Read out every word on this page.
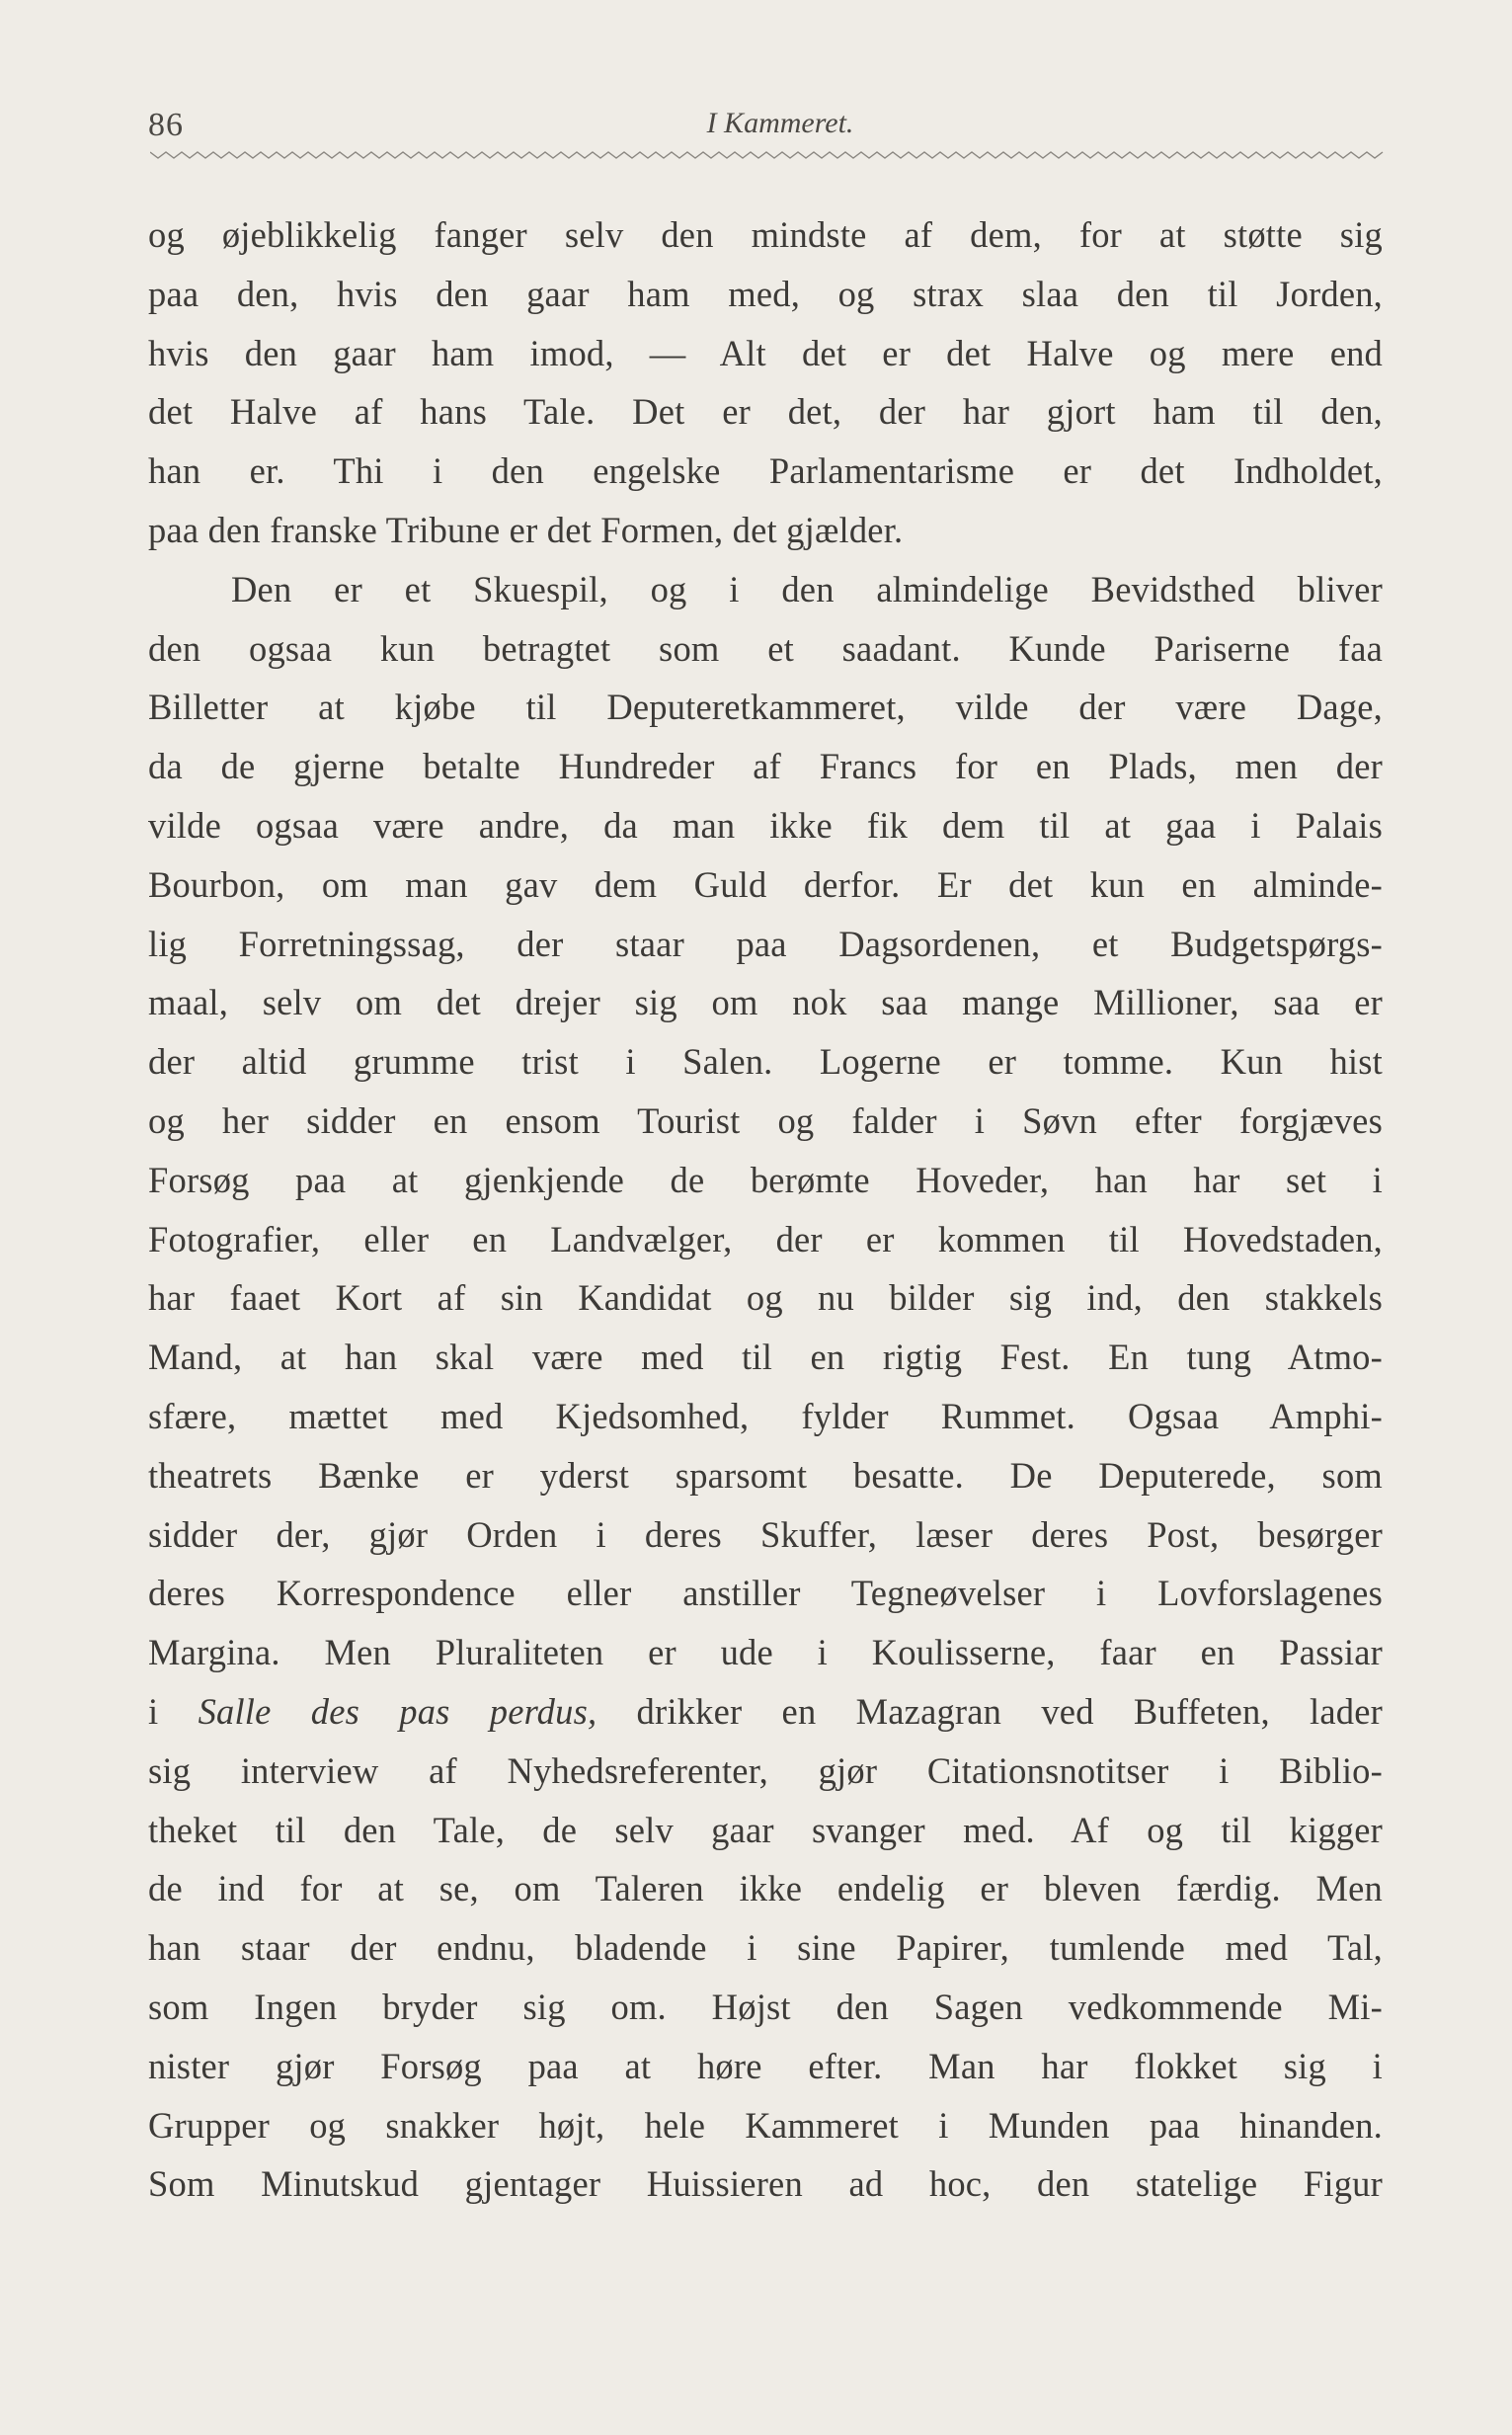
86	I Kammeret.
og øjeblikkelig fanger selv den mindste af dem, for at støtte sig
paa den, hvis den gaar ham med, og strax slaa den til Jorden,
hvis den gaar ham imod, — Alt det er det Halve og mere end
det Halve af hans Tale. Det er det, der har gjort ham til den,
han er. Thi i den engelske Parlamentarisme er det Indholdet,
paa den franske Tribune er det Formen, det gjælder.
Den er et Skuespil, og i den almindelige Bevidsthed bliver
den ogsaa kun betragtet som et saadant. Kunde Pariserne faa
Billetter at kjøbe til Deputeretkammeret, vilde der være Dage,
da de gjerne betalte Hundreder af Francs for en Plads, men der
vilde ogsaa være andre, da man ikke fik dem til at gaa i Palais
Bourbon, om man gav dem Guld derfor. Er det kun en alminde-
lig Forretningssag, der staar paa Dagsordenen, et Budgetspørgs-
maal, selv om det drejer sig om nok saa mange Millioner, saa er
der altid grumme trist i Salen. Logerne er tomme. Kun hist
og her sidder en ensom Tourist og falder i Søvn efter forgjæves
Forsøg paa at gjenkjende de berømte Hoveder, han har set i
Fotografier, eller en Landvælger, der er kommen til Hovedstaden,
har faaet Kort af sin Kandidat og nu bilder sig ind, den stakkels
Mand, at han skal være med til en rigtig Fest. En tung Atmo-
sfære, mættet med Kjedsomhed, fylder Rummet. Ogsaa Amphi-
theatrets Bænke er yderst sparsomt besatte. De Deputerede, som
sidder der, gjør Orden i deres Skuffer, læser deres Post, besørger
deres Korrespondence eller anstiller Tegneøvelser i Lovforslagenes
Margina. Men Pluraliteten er ude i Koulisserne, faar en Passiar
i Salle des pas perdus, drikker en Mazagran ved Buffeten, lader
sig interview af Nyhedsreferenter, gjør Citationsnotitser i Biblio-
theket til den Tale, de selv gaar svanger med. Af og til kigger
de ind for at se, om Taleren ikke endelig er bleven færdig. Men
han staar der endnu, bladende i sine Papirer, tumlende med Tal,
som Ingen bryder sig om. Højst den Sagen vedkommende Mi-
nister gjør Forsøg paa at høre efter. Man har flokket sig i
Grupper og snakker højt, hele Kammeret i Munden paa hinanden.
Som Minutskud gjentager Huissieren ad hoc, den statelige Figur
